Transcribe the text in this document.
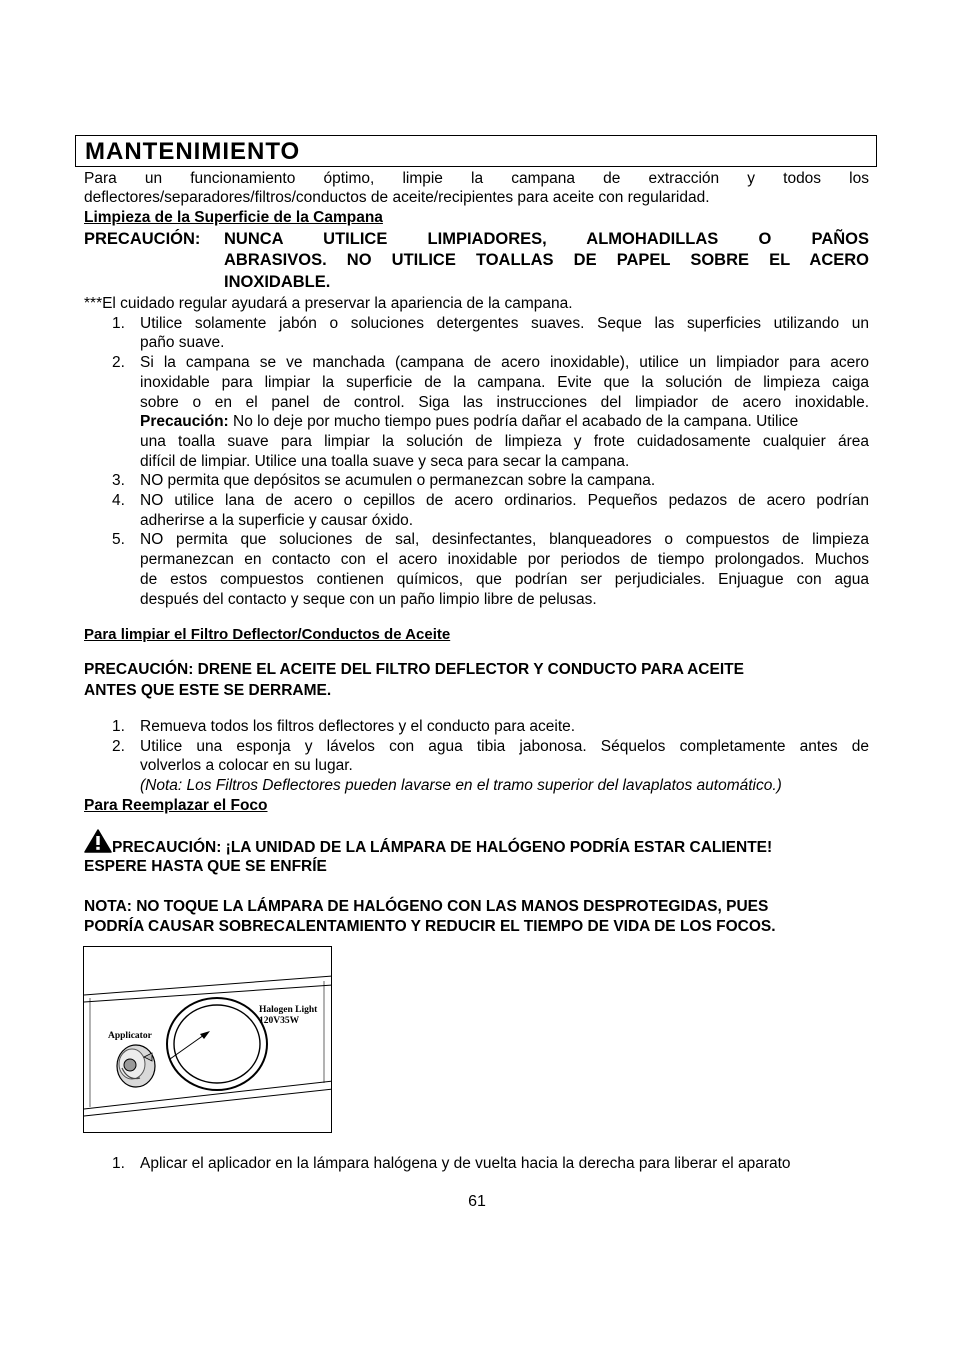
MANTENIMIENTO
Para un funcionamiento óptimo, limpie la campana de extracción y todos los
deflectores/separadores/filtros/conductos de aceite/recipientes para aceite con regularidad.
Limpieza de la Superficie de la Campana
PRECAUCIÓN: NUNCA UTILICE LIMPIADORES, ALMOHADILLAS O PAÑOS
ABRASIVOS. NO UTILICE TOALLAS DE PAPEL SOBRE EL ACERO
INOXIDABLE.
***El cuidado regular ayudará a preservar la apariencia de la campana.
1. Utilice solamente jabón o soluciones detergentes suaves. Seque las superficies utilizando un
paño suave.
2. Si la campana se ve manchada (campana de acero inoxidable), utilice un limpiador para acero
inoxidable para limpiar la superficie de la campana. Evite que la solución de limpieza caiga
sobre o en el panel de control. Siga las instrucciones del limpiador de acero inoxidable.
Precaución: No lo deje por mucho tiempo pues podría dañar el acabado de la campana. Utilice
una toalla suave para limpiar la solución de limpieza y frote cuidadosamente cualquier área
difícil de limpiar. Utilice una toalla suave y seca para secar la campana.
3. NO permita que depósitos se acumulen o permanezcan sobre la campana.
4. NO utilice lana de acero o cepillos de acero ordinarios. Pequeños pedazos de acero podrían
adherirse a la superficie y causar óxido.
5. NO permita que soluciones de sal, desinfectantes, blanqueadores o compuestos de limpieza
permanezcan en contacto con el acero inoxidable por periodos de tiempo prolongados. Muchos
de estos compuestos contienen químicos, que podrían ser perjudiciales. Enjuague con agua
después del contacto y seque con un paño limpio libre de pelusas.
Para limpiar el Filtro Deflector/Conductos de Aceite
PRECAUCIÓN: DRENE EL ACEITE DEL FILTRO DEFLECTOR Y CONDUCTO PARA ACEITE
ANTES QUE ESTE SE DERRAME.
1. Remueva todos los filtros deflectores y el conducto para aceite.
2. Utilice una esponja y lávelos con agua tibia jabonosa. Séquelos completamente antes de
volverlos a colocar en su lugar.
(Nota: Los Filtros Deflectores pueden lavarse en el tramo superior del lavaplatos automático.)
Para Reemplazar el Foco
PRECAUCIÓN: ¡LA UNIDAD DE LA LÁMPARA DE HALÓGENO PODRÍA ESTAR CALIENTE!
ESPERE HASTA QUE SE ENFRÍE
NOTA: NO TOQUE LA LÁMPARA DE HALÓGENO CON LAS MANOS DESPROTEGIDAS, PUES
PODRÍA CAUSAR SOBRECALENTAMIENTO Y REDUCIR EL TIEMPO DE VIDA DE LOS FOCOS.
Halogen Light
120V35W
Applicator
1. Aplicar el aplicador en la lámpara halógena y de vuelta hacia la derecha para liberar el aparato
61
